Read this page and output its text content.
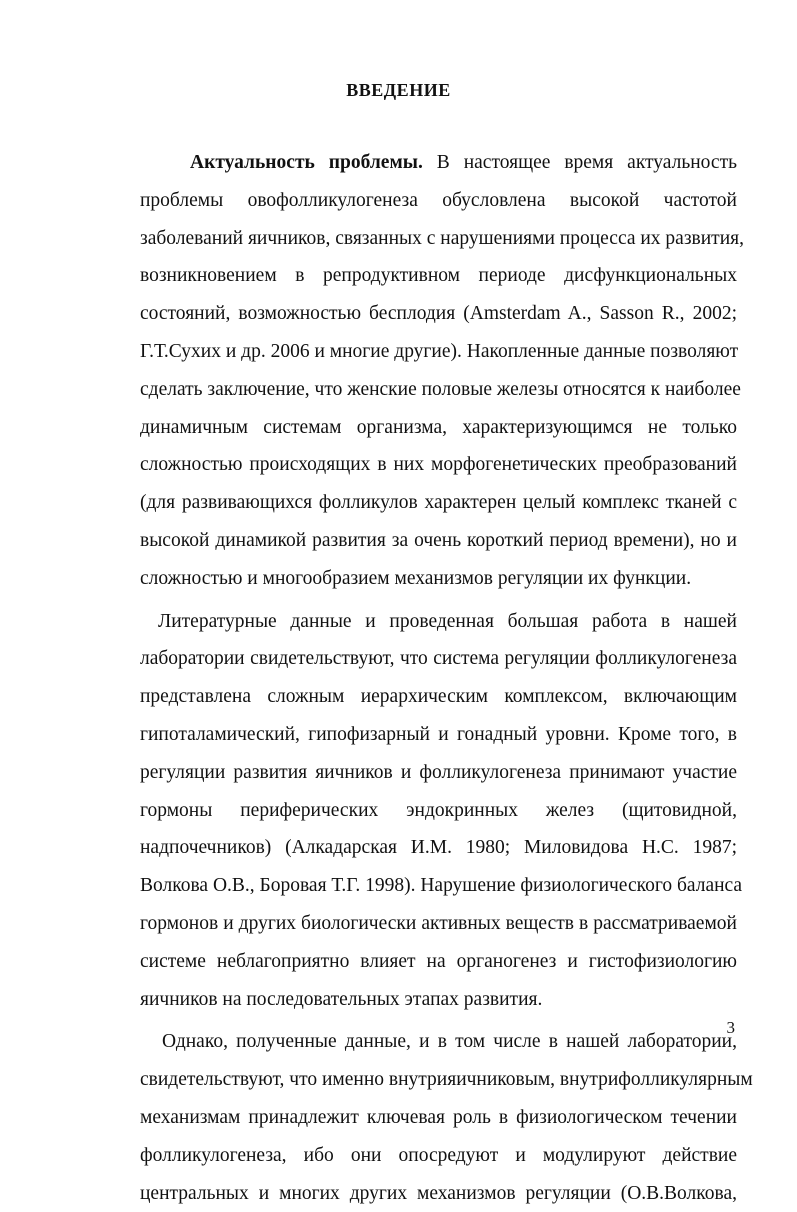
ВВЕДЕНИЕ
Актуальность проблемы. В настоящее время актуальность
проблемы овофолликулогенеза обусловлена высокой частотой
заболеваний яичников, связанных с нарушениями процесса их развития,
возникновением в репродуктивном периоде дисфункциональных
состояний, возможностью бесплодия (Amsterdam A., Sasson R., 2002;
Г.Т.Сухих и др. 2006 и многие другие). Накопленные данные позволяют
сделать заключение, что женские половые железы относятся к наиболее
динамичным системам организма, характеризующимся не только
сложностью происходящих в них морфогенетических преобразований
(для развивающихся фолликулов характерен целый комплекс тканей с
высокой динамикой развития за очень короткий период времени), но и
сложностью и многообразием механизмов регуляции их функции.
Литературные данные и проведенная большая работа в нашей
лаборатории свидетельствуют, что система регуляции фолликулогенеза
представлена сложным иерархическим комплексом, включающим
гипоталамический, гипофизарный и гонадный уровни. Кроме того, в
регуляции развития яичников и фолликулогенеза принимают участие
гормоны периферических эндокринных желез (щитовидной,
надпочечников) (Алкадарская И.М. 1980; Миловидова Н.С. 1987;
Волкова О.В., Боровая Т.Г. 1998). Нарушение физиологического баланса
гормонов и других биологически активных веществ в рассматриваемой
системе неблагоприятно влияет на органогенез и гистофизиологию
яичников на последовательных этапах развития.
Однако, полученные данные, и в том числе в нашей лаборатории,
свидетельствуют, что именно внутрияичниковым, внутрифолликулярным
механизмам принадлежит ключевая роль в физиологическом течении
фолликулогенеза, ибо они опосредуют и модулируют действие
центральных и многих других механизмов регуляции (О.В.Волкова,
3
